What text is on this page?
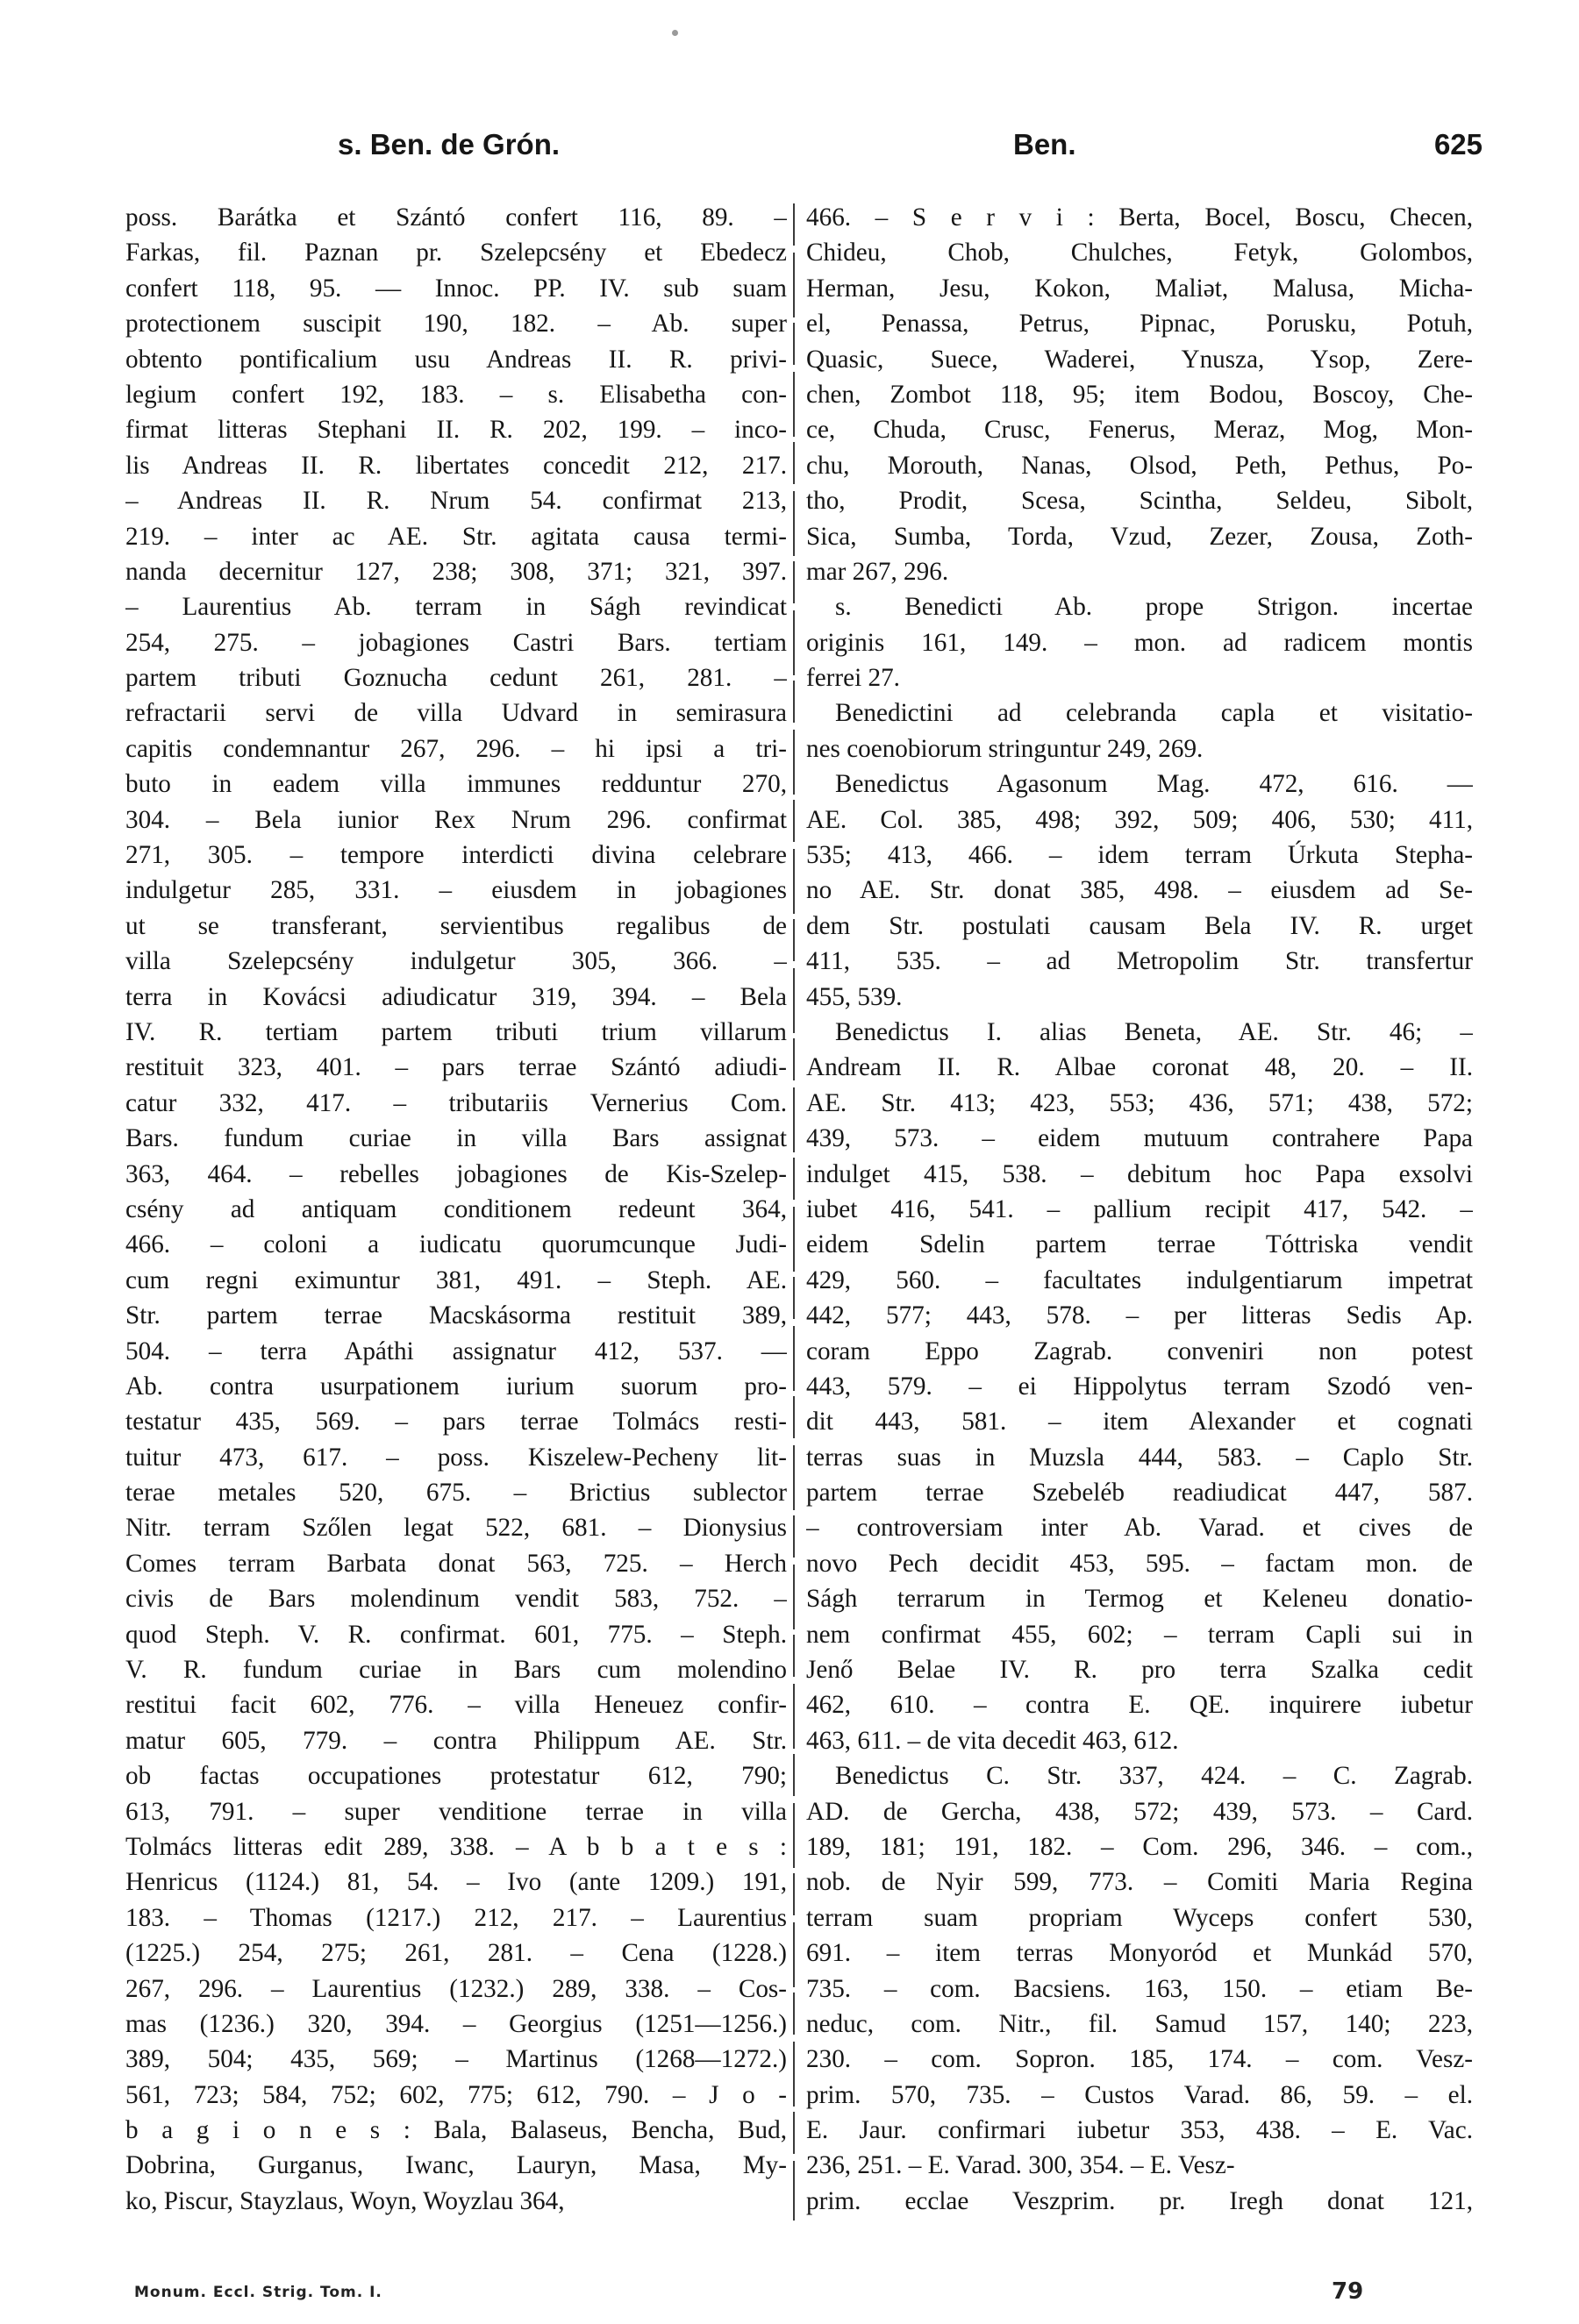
s. Ben. de Grón.	Ben.	625
poss. Barátka et Szántó confert 116, 89. –
Farkas, fil. Paznan pr. Szelepcsény et Ebedecz
confert 118, 95. — Innoc. PP. IV. sub suam
protectionem suscipit 190, 182. – Ab. super
obtento pontificalium usu Andreas II. R. privi-
legium confert 192, 183. – s. Elisabetha con-
firmat litteras Stephani II. R. 202, 199. – inco-
lis Andreas II. R. libertates concedit 212, 217.
– Andreas II. R. Nrum 54. confirmat 213,
219. – inter ac AE. Str. agitata causa termi-
nanda decernitur 127, 238; 308, 371; 321, 397.
– Laurentius Ab. terram in Ságh revindicat
254, 275. – jobagiones Castri Bars. tertiam
partem tributi Goznucha cedunt 261, 281. –
refractarii servi de villa Udvard in semirasura
capitis condemnantur 267, 296. – hi ipsi a tri-
buto in eadem villa immunes redduntur 270,
304. – Bela iunior Rex Nrum 296. confirmat
271, 305. – tempore interdicti divina celebrare
indulgetur 285, 331. – eiusdem in jobagiones
ut se transferant, servientibus regalibus de
villa Szelepcsény indulgetur 305, 366. –
terra in Kovácsi adiudicatur 319, 394. – Bela
IV. R. tertiam partem tributi trium villarum
restituit 323, 401. – pars terrae Szántó adiudi-
catur 332, 417. – tributariis Vernerius Com.
Bars. fundum curiae in villa Bars assignat
363, 464. – rebelles jobagiones de Kis-Szelep-
csény ad antiquam conditionem redeunt 364,
466. – coloni a iudicatu quorumcunque Judi-
cum regni eximuntur 381, 491. – Steph. AE.
Str. partem terrae Macskásorma restituit 389,
504. – terra Apáthi assignatur 412, 537. —
Ab. contra usurpationem iurium suorum pro-
testatur 435, 569. – pars terrae Tolmács resti-
tuitur 473, 617. – poss. Kiszelew-Pecheny lit-
terae metales 520, 675. – Brictius sublector
Nitr. terram Szőlen legat 522, 681. – Dionysius
Comes terram Barbata donat 563, 725. – Herch
civis de Bars molendinum vendit 583, 752. –
quod Steph. V. R. confirmat. 601, 775. – Steph.
V. R. fundum curiae in Bars cum molendino
restitui facit 602, 776. – villa Heneuez confir-
matur 605, 779. – contra Philippum AE. Str.
ob factas occupationes protestatur 612, 790;
613, 791. – super venditione terrae in villa
Tolmács litteras edit 289, 338. – A b b a t e s :
Henricus (1124.) 81, 54. – Ivo (ante 1209.) 191,
183. – Thomas (1217.) 212, 217. – Laurentius
(1225.) 254, 275; 261, 281. – Cena (1228.)
267, 296. – Laurentius (1232.) 289, 338. – Cos-
mas (1236.) 320, 394. – Georgius (1251—1256.)
389, 504; 435, 569; – Martinus (1268—1272.)
561, 723; 584, 752; 602, 775; 612, 790. – J o -
b a g i o n e s : Bala, Balaseus, Bencha, Bud,
Dobrina, Gurganus, Iwanc, Lauryn, Masa, My-
ko, Piscur, Stayzlaus, Woyn, Woyzlau 364,
466. – S e r v i : Berta, Bocel, Boscu, Checen,
Chideu, Chob, Chulches, Fetyk, Golombos,
Herman, Jesu, Kokon, Maliət, Malusa, Micha-
el, Penassa, Petrus, Pipnac, Porusku, Potuh,
Quasic, Suece, Waderei, Ynusza, Ysop, Zere-
chen, Zombot 118, 95; item Bodou, Boscoy, Che-
ce, Chuda, Crusc, Fenerus, Meraz, Mog, Mon-
chu, Morouth, Nanas, Olsod, Peth, Pethus, Po-
tho, Prodit, Scesa, Scintha, Seldeu, Sibolt,
Sica, Sumba, Torda, Vzud, Zezer, Zousa, Zoth-
mar 267, 296.
s. Benedicti Ab. prope Strigon. incertae
originis 161, 149. – mon. ad radicem montis
ferrei 27.
Benedictini ad celebranda capla et visitatio-
nes coenobiorum stringuntur 249, 269.
Benedictus Agasonum Mag. 472, 616. —
AE. Col. 385, 498; 392, 509; 406, 530; 411,
535; 413, 466. – idem terram Úrkuta Stepha-
no AE. Str. donat 385, 498. – eiusdem ad Se-
dem Str. postulati causam Bela IV. R. urget
411, 535. – ad Metropolim Str. transfertur
455, 539.
Benedictus I. alias Beneta, AE. Str. 46; –
Andream II. R. Albae coronat 48, 20. – II.
AE. Str. 413; 423, 553; 436, 571; 438, 572;
439, 573. – eidem mutuum contrahere Papa
indulget 415, 538. – debitum hoc Papa exsolvi
iubet 416, 541. – pallium recipit 417, 542. –
eidem Sdelin partem terrae Tóttriska vendit
429, 560. – facultates indulgentiarum impetrat
442, 577; 443, 578. – per litteras Sedis Ap.
coram Eppo Zagrab. conveniri non potest
443, 579. – ei Hippolytus terram Szodó ven-
dit 443, 581. – item Alexander et cognati
terras suas in Muzsla 444, 583. – Caplo Str.
partem terrae Szebeléb readiudicat 447, 587.
– controversiam inter Ab. Varad. et cives de
novo Pech decidit 453, 595. – factam mon. de
Ságh terrarum in Termog et Keleneu donatio-
nem confirmat 455, 602; – terram Capli sui in
Jenő Belae IV. R. pro terra Szalka cedit
462, 610. – contra E. QE. inquirere iubetur
463, 611. – de vita decedit 463, 612.
Benedictus C. Str. 337, 424. – C. Zagrab.
AD. de Gercha, 438, 572; 439, 573. – Card.
189, 181; 191, 182. – Com. 296, 346. – com.,
nob. de Nyir 599, 773. – Comiti Maria Regina
terram suam propriam Wyceps confert 530,
691. – item terras Monyoród et Munkád 570,
735. – com. Bacsiens. 163, 150. – etiam Be-
neduc, com. Nitr., fil. Samud 157, 140; 223,
230. – com. Sopron. 185, 174. – com. Vesz-
prim. 570, 735. – Custos Varad. 86, 59. – el.
E. Jaur. confirmari iubetur 353, 438. – E. Vac.
236, 251. – E. Varad. 300, 354. – E. Vesz-
prim. ecclae Veszprim. pr. Iregh donat 121,
Monum. Eccl. Strig. Tom. I.	79
